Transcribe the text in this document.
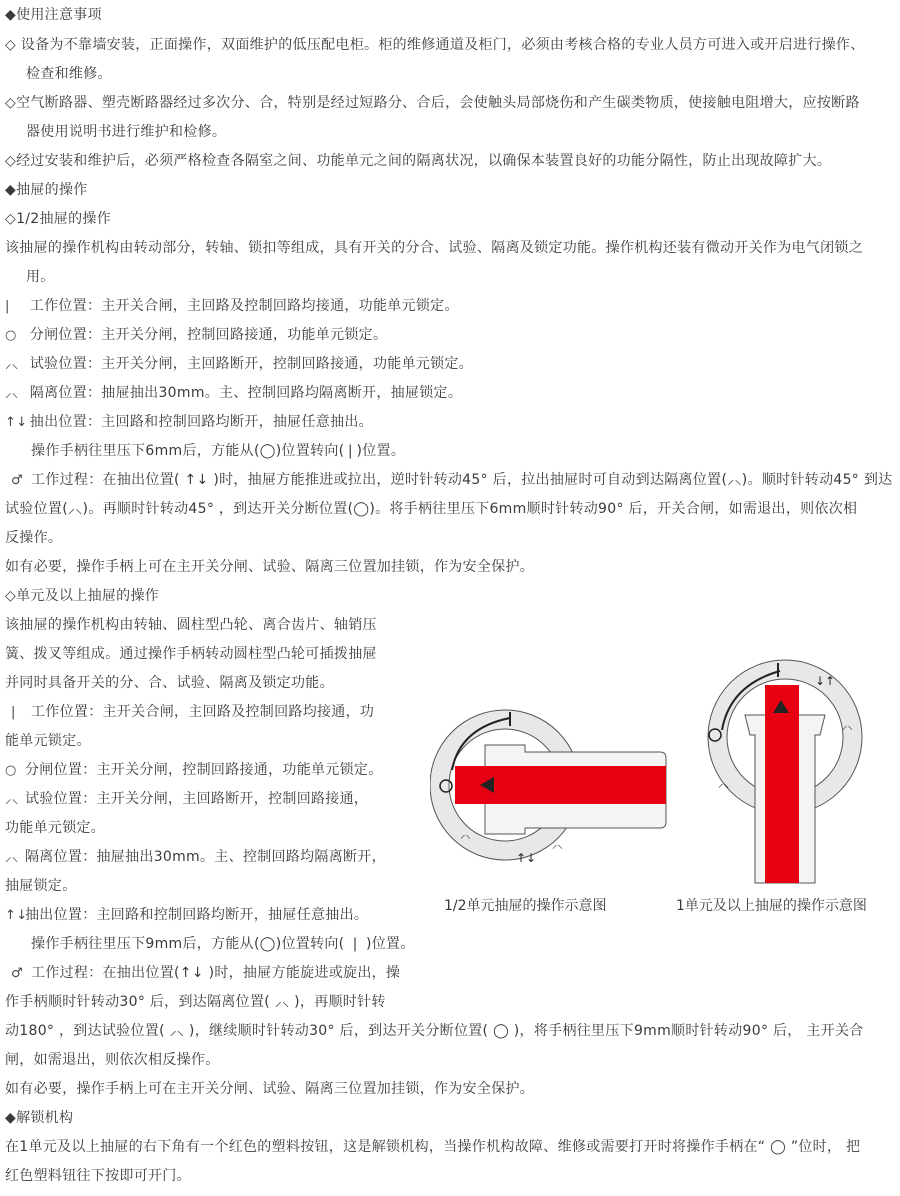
◆使用注意事项
◇ 设备为不靠墙安装，正面操作，双面维护的低压配电柜。柜的维修通道及柜门，必须由考核合格的专业人员方可进入或开启进行操作、
检查和维修。
◇空气断路器、塑壳断路器经过多次分、合，特别是经过短路分、合后，会使触头局部烧伤和产生碳类物质，使接触电阻增大，应按断路
器使用说明书进行维护和检修。
◇经过安装和维护后，必须严格检查各隔室之间、功能单元之间的隔离状况，以确保本装置良好的功能分隔性，防止出现故障扩大。
◆抽屉的操作
◇1/2抽屉的操作
该抽屉的操作机构由转动部分，转轴、锁扣等组成，具有开关的分合、试验、隔离及锁定功能。操作机构还装有微动开关作为电气闭锁之
用。
| 工作位置：主开关合闸，主回路及控制回路均接通，功能单元锁定。
○ 分闸位置：主开关分闸，控制回路接通，功能单元锁定。
⸝⸜ 试验位置：主开关分闸，主回路断开，控制回路接通，功能单元锁定。
⸝⸜ 隔离位置：抽屉抽出30mm。主、控制回路均隔离断开，抽屉锁定。
↑↓ 抽出位置：主回路和控制回路均断开，抽屉任意抽出。
操作手柄往里压下6mm后，方能从(◯)位置转向(❘)位置。
♂ 工作过程：在抽出位置( ↑↓ )时，抽屉方能推进或拉出，逆时针转动45° 后，拉出抽屉时可自动到达隔离位置(⸝⸜)。顺时针转动45° 到达
试验位置(⸝⸜)。再顺时针转动45° ，到达开关分断位置(◯)。将手柄往里压下6mm顺时针转动90° 后，开关合闸，如需退出，则依次相
反操作。
如有必要，操作手柄上可在主开关分闸、试验、隔离三位置加挂锁，作为安全保护。
◇单元及以上抽屉的操作
该抽屉的操作机构由转轴、圆柱型凸轮、离合齿片、轴销压
簧、拨叉等组成。通过操作手柄转动圆柱型凸轮可插拨抽屉
并同时具备开关的分、合、试验、隔离及锁定功能。
| 工作位置：主开关合闸，主回路及控制回路均接通，功
能单元锁定。
○ 分闸位置：主开关分闸，控制回路接通，功能单元锁定。
⸝⸜ 试验位置：主开关分闸，主回路断开，控制回路接通，
功能单元锁定。
⸝⸜ 隔离位置：抽屉抽出30mm。主、控制回路均隔离断开，
抽屉锁定。
↑↓抽出位置：主回路和控制回路均断开，抽屉任意抽出。
操作手柄往里压下9mm后，方能从(◯)位置转向( ❘ )位置。
♂ 工作过程：在抽出位置(↑↓ )时，抽屉方能旋进或旋出，操
作手柄顺时针转动30° 后，到达隔离位置( ⸝⸜ )，再顺时针转
动180° ，到达试验位置( ⸝⸜ )，继续顺时针转动30° 后，到达开关分断位置( ◯ )，将手柄往里压下9mm顺时针转动90° 后， 主开关合
闸，如需退出，则依次相反操作。
如有必要，操作手柄上可在主开关分闸、试验、隔离三位置加挂锁，作为安全保护。
◆解锁机构
在1单元及以上抽屉的右下角有一个红色的塑料按钮，这是解锁机构，当操作机构故障、维修或需要打开时将操作手柄在“ ◯ ”位时， 把
红色塑料钮往下按即可开门。
⸝⸜
↑↓
⸝⸜
1/2单元抽屉的操作示意图
↓↑
⸝⸜
⸝⸜
1单元及以上抽屉的操作示意图
